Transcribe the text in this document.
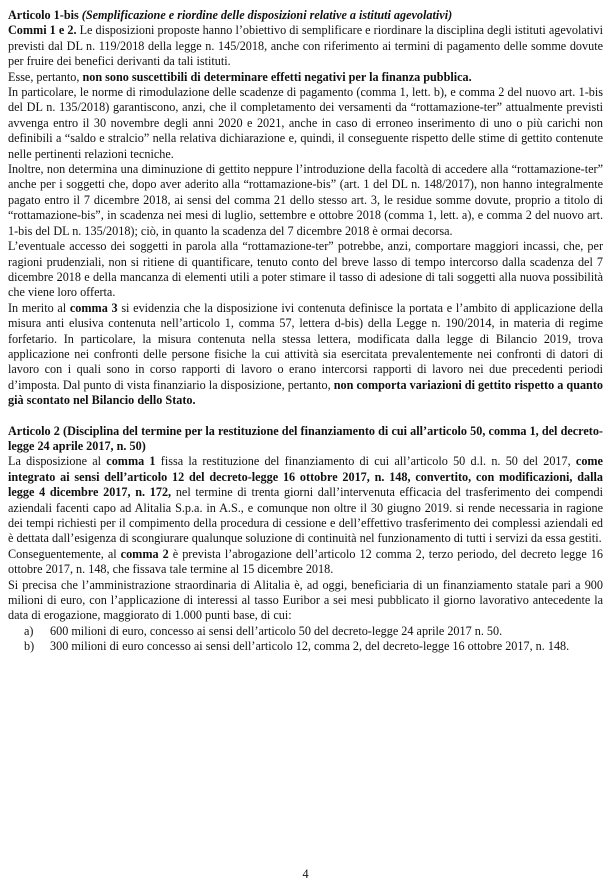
Articolo 1-bis (Semplificazione e riordine delle disposizioni relative a istituti agevolativi)

Commi 1 e 2. Le disposizioni proposte hanno l’obiettivo di semplificare e riordinare la disciplina degli istituti agevolativi previsti dal DL n. 119/2018 della legge n. 145/2018, anche con riferimento ai termini di pagamento delle somme dovute per fruire dei benefici derivanti da tali istituti.

Esse, pertanto, non sono suscettibili di determinare effetti negativi per la finanza pubblica.

In particolare, le norme di rimodulazione delle scadenze di pagamento (comma 1, lett. b), e comma 2 del nuovo art. 1-bis del DL n. 135/2018) garantiscono, anzi, che il completamento dei versamenti da “rottamazione-ter” attualmente previsti avvenga entro il 30 novembre degli anni 2020 e 2021, anche in caso di erroneo inserimento di uno o più carichi non definibili a “saldo e stralcio” nella relativa dichiarazione e, quindi, il conseguente rispetto delle stime di gettito contenute nelle pertinenti relazioni tecniche.

Inoltre, non determina una diminuzione di gettito neppure l’introduzione della facoltà di accedere alla “rottamazione-ter” anche per i soggetti che, dopo aver aderito alla “rottamazione-bis” (art. 1 del DL n. 148/2017), non hanno integralmente pagato entro il 7 dicembre 2018, ai sensi del comma 21 dello stesso art. 3, le residue somme dovute, proprio a titolo di “rottamazione-bis”, in scadenza nei mesi di luglio, settembre e ottobre 2018 (comma 1, lett. a), e comma 2 del nuovo art. 1-bis del DL n. 135/2018); ciò, in quanto la scadenza del 7 dicembre 2018 è ormai decorsa.

L’eventuale accesso dei soggetti in parola alla “rottamazione-ter” potrebbe, anzi, comportare maggiori incassi, che, per ragioni prudenziali, non si ritiene di quantificare, tenuto conto del breve lasso di tempo intercorso dalla scadenza del 7 dicembre 2018 e della mancanza di elementi utili a poter stimare il tasso di adesione di tali soggetti alla nuova possibilità che viene loro offerta.

In merito al comma 3 si evidenzia che la disposizione ivi contenuta definisce la portata e l’ambito di applicazione della misura anti elusiva contenuta nell’articolo 1, comma 57, lettera d-bis) della Legge n. 190/2014, in materia di regime forfetario. In particolare, la misura contenuta nella stessa lettera, modificata dalla legge di Bilancio 2019, trova applicazione nei confronti delle persone fisiche la cui attività sia esercitata prevalentemente nei confronti di datori di lavoro con i quali sono in corso rapporti di lavoro o erano intercorsi rapporti di lavoro nei due precedenti periodi d’imposta. Dal punto di vista finanziario la disposizione, pertanto, non comporta variazioni di gettito rispetto a quanto già scontato nel Bilancio dello Stato.

Articolo 2 (Disciplina del termine per la restituzione del finanziamento di cui all’articolo 50, comma 1, del decreto-legge 24 aprile 2017, n. 50)

La disposizione al comma 1 fissa la restituzione del finanziamento di cui all’articolo 50 d.l. n. 50 del 2017, come integrato ai sensi dell’articolo 12 del decreto-legge 16 ottobre 2017, n. 148, convertito, con modificazioni, dalla legge 4 dicembre 2017, n. 172, nel termine di trenta giorni dall’intervenuta efficacia del trasferimento dei compendi aziendali facenti capo ad Alitalia S.p.a. in A.S., e comunque non oltre il 30 giugno 2019. si rende necessaria in ragione dei tempi richiesti per il compimento della procedura di cessione e dell’effettivo trasferimento dei complessi aziendali ed è dettata dall’esigenza di scongiurare qualunque soluzione di continuità nel funzionamento di tutti i servizi da essa gestiti.

Conseguentemente, al comma 2 è prevista l’abrogazione dell’articolo 12 comma 2, terzo periodo, del decreto legge 16 ottobre 2017, n. 148, che fissava tale termine al 15 dicembre 2018.

Si precisa che l’amministrazione straordinaria di Alitalia è, ad oggi, beneficiaria di un finanziamento statale pari a 900 milioni di euro, con l’applicazione di interessi al tasso Euribor a sei mesi pubblicato il giorno lavorativo antecedente la data di erogazione, maggiorato di 1.000 punti base, di cui:

a) 600 milioni di euro, concesso ai sensi dell’articolo 50 del decreto-legge 24 aprile 2017 n. 50.
b) 300 milioni di euro concesso ai sensi dell’articolo 12, comma 2, del decreto-legge 16 ottobre 2017, n. 148.
4
